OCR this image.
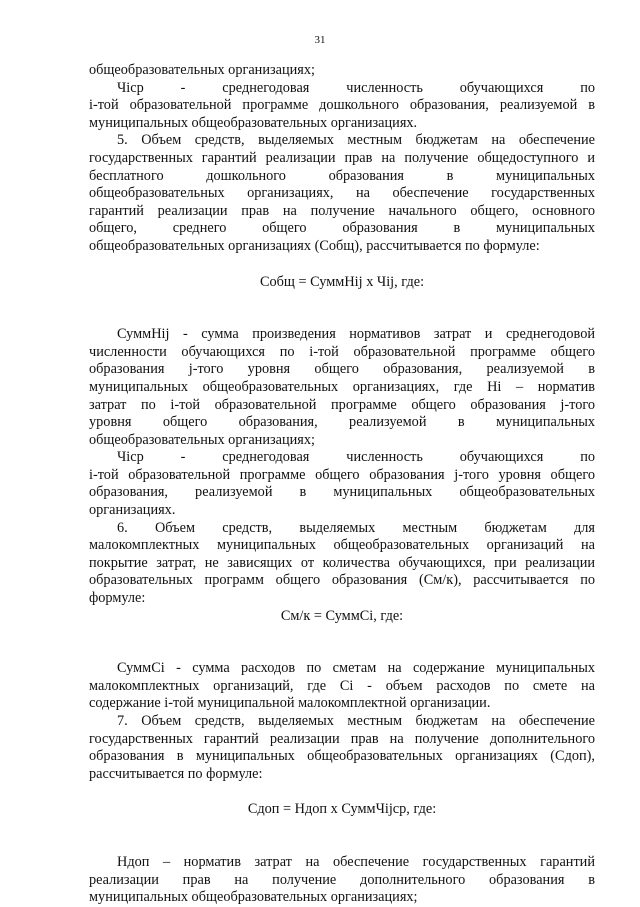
31
общеобразовательных организациях;
Чiср - среднегодовая численность обучающихся по
i-той образовательной программе дошкольного образования, реализуемой в
муниципальных общеобразовательных организациях.
5. Объем средств, выделяемых местным бюджетам на обеспечение
государственных гарантий реализации прав на получение общедоступного и
бесплатного дошкольного образования в муниципальных
общеобразовательных организациях, на обеспечение государственных
гарантий реализации прав на получение начального общего, основного
общего, среднего общего образования в муниципальных
общеобразовательных организациях (Собщ), рассчитывается по формуле:
Собщ = СуммНij х Чij, где:
СуммНij - сумма произведения нормативов затрат и среднегодовой
численности обучающихся по i-той образовательной программе общего
образования j-того уровня общего образования, реализуемой в
муниципальных общеобразовательных организациях, где Нi – норматив
затрат по i-той образовательной программе общего образования j-того
уровня общего образования, реализуемой в муниципальных
общеобразовательных организациях;
Чiср - среднегодовая численность обучающихся по
i-той образовательной программе общего образования j-того уровня общего
образования, реализуемой в муниципальных общеобразовательных
организациях.
6. Объем средств, выделяемых местным бюджетам для
малокомплектных муниципальных общеобразовательных организаций на
покрытие затрат, не зависящих от количества обучающихся, при реализации
образовательных программ общего образования (См/к), рассчитывается по
формуле:
См/к = СуммСi, где:
СуммСi - сумма расходов по сметам на содержание муниципальных
малокомплектных организаций, где Сi - объем расходов по смете на
содержание i-той муниципальной малокомплектной организации.
7. Объем средств, выделяемых местным бюджетам на обеспечение
государственных гарантий реализации прав на получение дополнительного
образования в муниципальных общеобразовательных организациях (Сдоп),
рассчитывается по формуле:
Сдоп = Ндоп х СуммЧijср, где:
Ндоп – норматив затрат на обеспечение государственных гарантий
реализации прав на получение дополнительного образования в
муниципальных общеобразовательных организациях;
